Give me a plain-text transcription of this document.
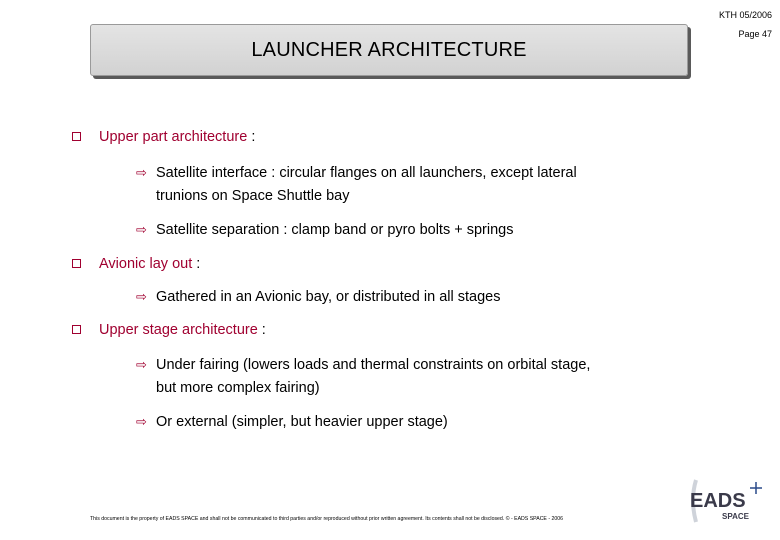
KTH 05/2006
Page 47
LAUNCHER ARCHITECTURE
Upper part architecture :
⇨ Satellite interface : circular flanges on all launchers, except lateral
trunions on Space Shuttle bay
⇨ Satellite separation : clamp band or pyro bolts + springs
Avionic lay out :
⇨ Gathered in an Avionic bay, or distributed in all stages
Upper stage architecture :
⇨ Under fairing (lowers loads and thermal constraints on orbital stage,
but more complex fairing)
⇨ Or external (simpler, but heavier upper stage)
This document is the property of EADS SPACE and shall not be communicated to third parties and/or reproduced without prior written agreement. Its contents shall not be disclosed. © - EADS SPACE - 2006
EADS
SPACE
